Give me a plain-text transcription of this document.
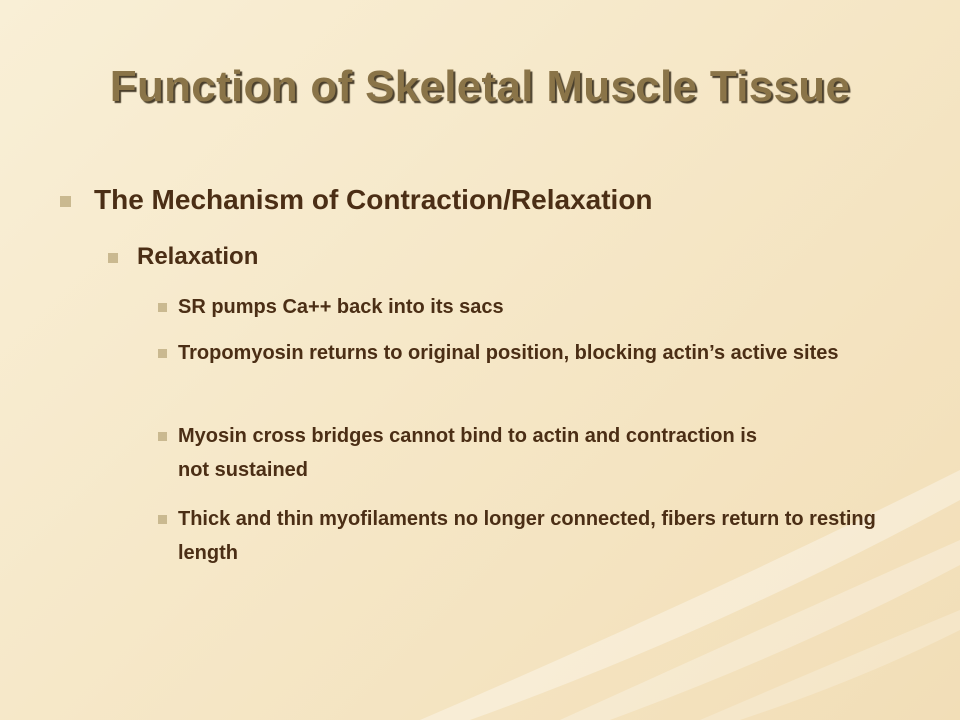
Function of Skeletal Muscle Tissue
The Mechanism of Contraction/Relaxation
Relaxation
SR pumps Ca++ back into its sacs
Tropomyosin returns to original position, blocking actin’s active sites
Myosin cross bridges cannot bind to actin and contraction is not sustained
Thick and thin myofilaments no longer connected, fibers return to resting length
